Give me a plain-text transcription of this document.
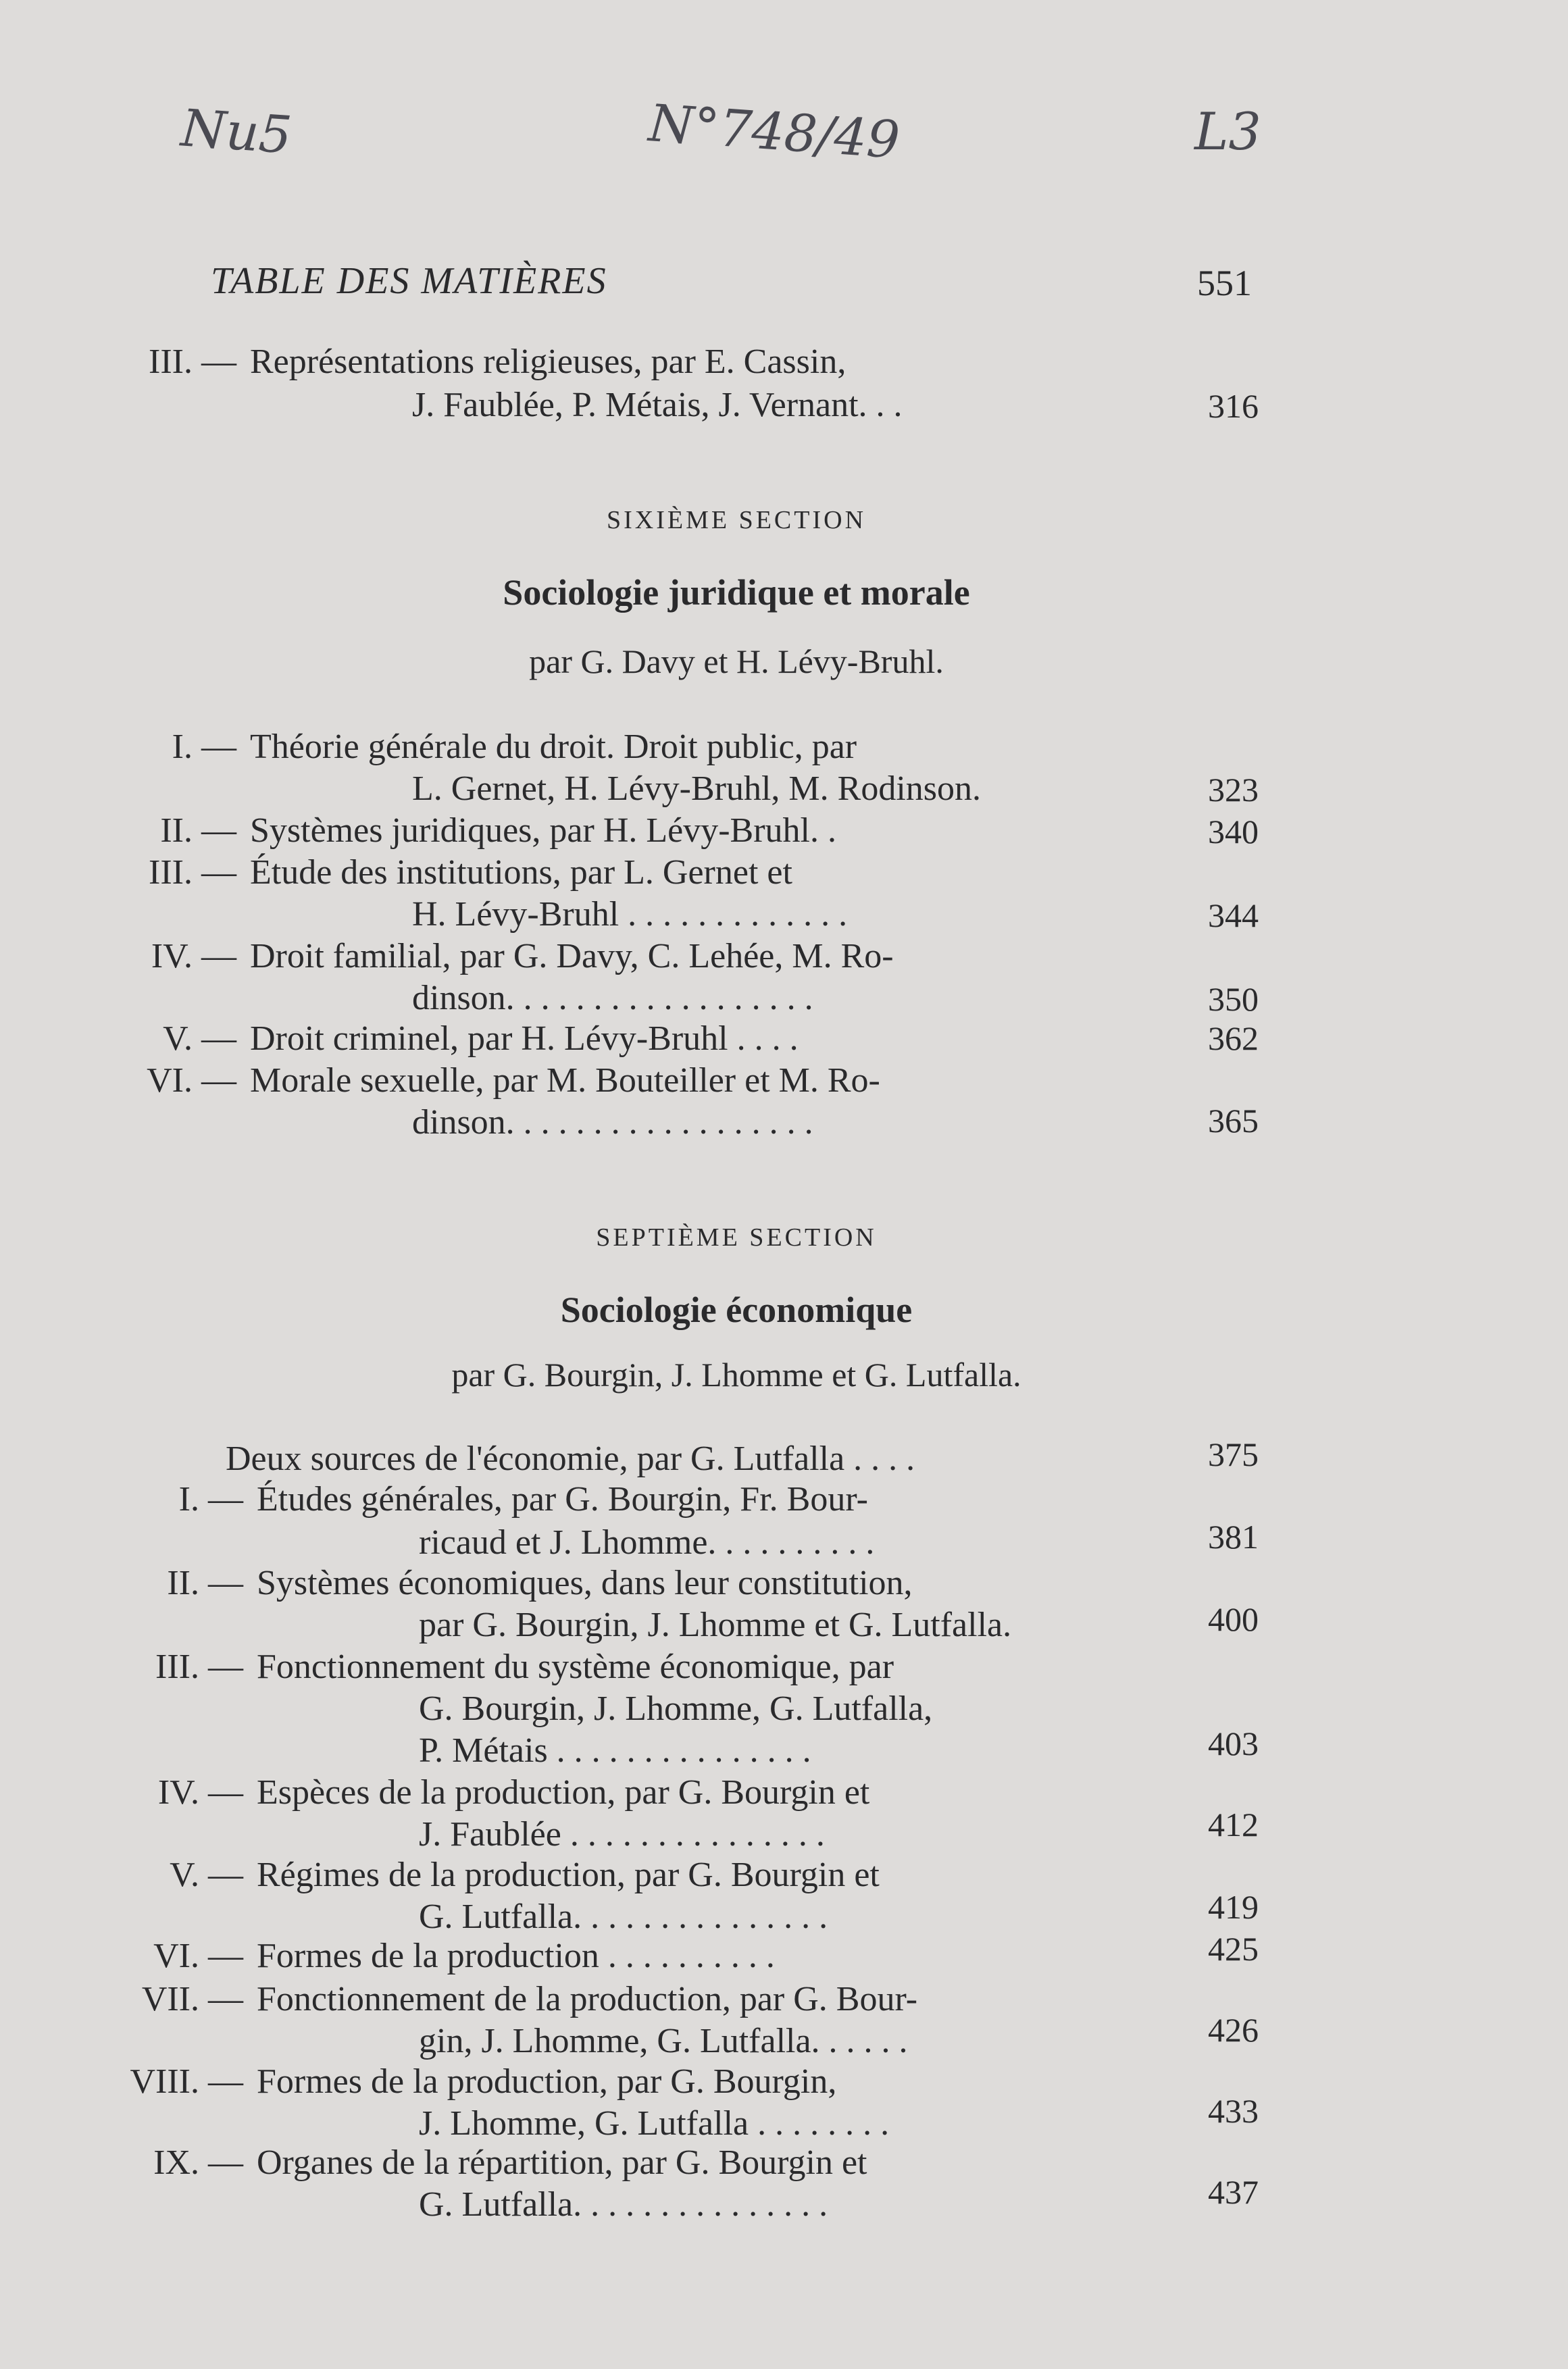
Nu5	N°748/49	L3
TABLE DES MATIÈRES	551
III. — Représentations religieuses, par E. Cassin,
J. Faublée, P. Métais, J. Vernant. . .	316
SIXIÈME SECTION
Sociologie juridique et morale
par G. Davy et H. Lévy-Bruhl.
I. — Théorie générale du droit. Droit public, par
L. Gernet, H. Lévy-Bruhl, M. Rodinson.	323
II. — Systèmes juridiques, par H. Lévy-Bruhl. .	340
III. — Étude des institutions, par L. Gernet et
H. Lévy-Bruhl . . . . . . . . . . . . .	344
IV. — Droit familial, par G. Davy, C. Lehée, M. Ro-
dinson. . . . . . . . . . . . . . . . . .	350
V. — Droit criminel, par H. Lévy-Bruhl . . . .	362
VI. — Morale sexuelle, par M. Bouteiller et M. Ro-
dinson. . . . . . . . . . . . . . . . . .	365
SEPTIÈME SECTION
Sociologie économique
par G. Bourgin, J. Lhomme et G. Lutfalla.
Deux sources de l'économie, par G. Lutfalla . . . .	375
I. — Études générales, par G. Bourgin, Fr. Bour-
ricaud et J. Lhomme. . . . . . . . . .	381
II. — Systèmes économiques, dans leur constitution,
par G. Bourgin, J. Lhomme et G. Lutfalla.	400
III. — Fonctionnement du système économique, par
G. Bourgin, J. Lhomme, G. Lutfalla,
P. Métais . . . . . . . . . . . . . . .	403
IV. — Espèces de la production, par G. Bourgin et
J. Faublée . . . . . . . . . . . . . . .	412
V. — Régimes de la production, par G. Bourgin et
G. Lutfalla. . . . . . . . . . . . . . .	419
VI. — Formes de la production . . . . . . . . . .	425
VII. — Fonctionnement de la production, par G. Bour-
gin, J. Lhomme, G. Lutfalla. . . . . .	426
VIII. — Formes de la production, par G. Bourgin,
J. Lhomme, G. Lutfalla . . . . . . . .	433
IX. — Organes de la répartition, par G. Bourgin et
G. Lutfalla. . . . . . . . . . . . . . .	437
